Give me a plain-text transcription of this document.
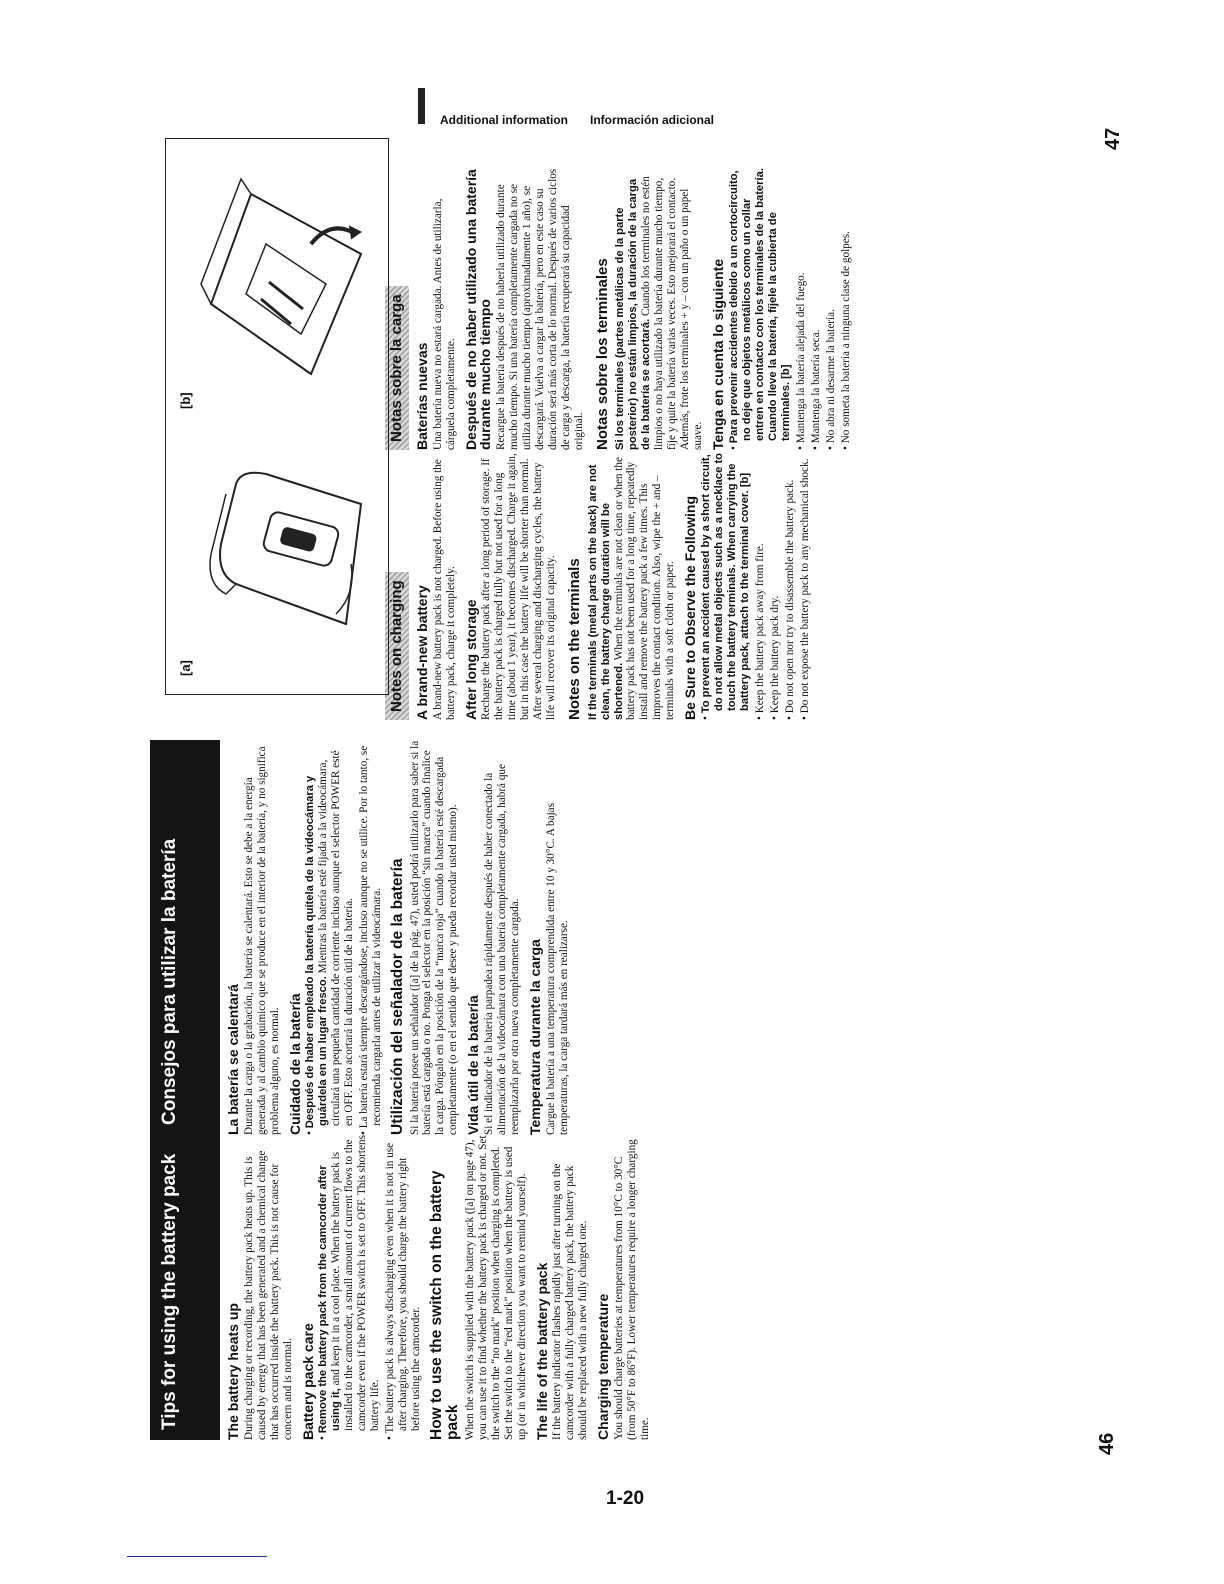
Additional information Información adicional
47
46
1-20
Tips for using the battery pack	The battery heats up During charging or recording, the battery pack heats up. This is caused by energy that has been generated and a chemical change that has occurred inside the battery pack. This is not cause for concern and is normal. Battery pack care • Remove the battery pack from the camcorder after using it, and keep it in a cool place. When the battery pack is installed to the camcorder, a small amount of current flows to the camcorder even if the POWER switch is set to OFF. This shortens battery life.

• The battery pack is always discharging even when it is not in use after charging. Therefore, you should charge the battery right before using the camcorder. How to use the switch on the battery pack When the switch is supplied with the battery pack ([a] on page 47), you can use it to find whether the battery pack is charged or not. Set the switch to the “no mark” position when charging is completed. Set the switch to the “red mark” position when the battery is used up (or in whichever direction you want to remind yourself). The life of the battery pack If the battery indicator flashes rapidly just after turning on the camcorder with a fully charged battery pack, the battery pack should be replaced with a new fully charged one. Charging temperature You should charge batteries at temperatures from 10°C to 30°C (from 50°F to 86°F). Lower temperatures require a longer charging time.

Consejos para utilizar la batería	La batería se calentará Durante la carga o la grabación, la batería se calentará. Esto se debe a la energía generada y al cambio químico que se produce en el interior de la batería, y no significa problema alguno, es normal. Cuidado de la batería • Después de haber empleado la batería quítela de la videocámara y guárdela en un lugar fresco. Mientras la batería esté fijada a la videocámara, circulará una pequeña cantidad de corriente incluso aunque el selector POWER esté en OFF. Esto acortará la duración útil de la batería.

• La batería estará siempre descargándose, incluso aunque no se utilice. Por lo tanto, se recomienda cargarla antes de utilizar la videocámara. Utilización del señalador de la batería Si la batería posee un señalador ([a] de la pág. 47), usted podrá utilizarlo para saber si la batería está cargada o no. Ponga el selector en la posición “sin marca” cuando finalice la carga. Póngalo en la posición de la “marca roja” cuando la batería esté descargada completamente (o en el sentido que desee y pueda recordar usted mismo). Vida útil de la batería Si el indicador de la batería parpadea rápidamente después de haber conectado la alimentación de la videocámara con una batería completamente cargada, habrá que reemplazarla por otra nueva completamente cargada. Temperatura durante la carga Cargue la batería a una temperatura comprendida entre 10 y 30°C. A bajas temperaturas, la carga tardará más en realizarse.

Notes on charging A brand-new battery A brand-new battery pack is not charged. Before using the battery pack, charge it completely. After long storage Recharge the battery pack after a long period of storage. If the battery pack is charged fully but not used for a long time (about 1 year), it becomes discharged. Charge it again, but in this case the battery life will be shorter than normal. After several charging and discharging cycles, the battery life will recover its original capacity. Notes on the terminals If the terminals (metal parts on the back) are not clean, the battery charge duration will be shortened. When the terminals are not clean or when the battery pack has not been used for a long time, repeatedly install and remove the battery pack a few times. This improves the contact condition. Also, wipe the + and – terminals with a soft cloth or paper. Be Sure to Observe the Following • To prevent an accident caused by a short circuit, do not allow metal objects such as a necklace to touch the battery terminals. When carrying the battery pack, attach to the terminal cover. [b]

• Keep the battery pack away from fire.

• Keep the battery pack dry.

• Do not open nor try to disassemble the battery pack.

• Do not expose the battery pack to any mechanical shock.

Notas sobre la carga Baterías nuevas Una batería nueva no estará cargada. Antes de utilizarla, cárguela completamente. Después de no haber utilizado una batería durante mucho tiempo Recargue la batería después de no haberla utilizado durante mucho tiempo. Si una batería completamente cargada no se utiliza durante mucho tiempo (aproximadamente 1 año), se descargará. Vuelva a cargar la batería, pero en este caso su duración será más corta de lo normal. Después de varios ciclos de carga y descarga, la batería recuperará su capacidad original. Notas sobre los terminales Si los terminales (partes metálicas de la parte posterior) no están limpios, la duración de la carga de la batería se acortará. Cuando los terminales no estén limpios o no haya utilizado la batería durante mucho tiempo, fíje y quite la batería varias veces. Esto mejorará el contacto. Además, frote los terminales + y – con un paño o un papel suave. Tenga en cuenta lo siguiente • Para prevenir accidentes debido a un cortocircuito, no deje que objetos metálicos como un collar entren en contacto con los terminales de la batería. Cuando lleve la batería, fíjele la cubierta de terminales. [b]

• Mantenga la batería alejada del fuego.

• Mantenga la batería seca.

• No abra ni desarme la batería.

• No someta la batería a ninguna clase de golpes.

[a]
[b]
